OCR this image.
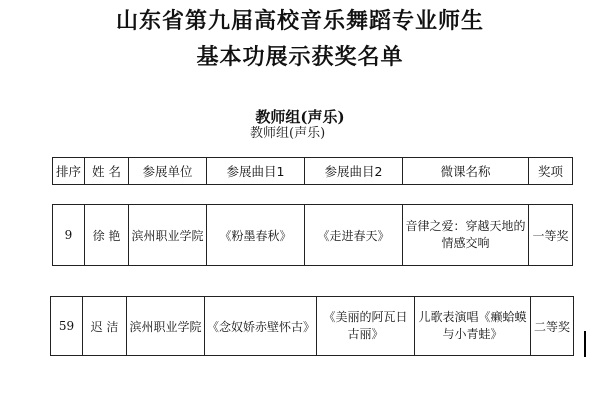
山东省第九届高校音乐舞蹈专业师生
基本功展示获奖名单
教师组(声乐)
教师组(声乐)
排序	姓 名	参展单位	参展曲目1	参展曲目2	微课名称	奖项
9	徐 艳	滨州职业学院	《粉墨春秋》	《走进春天》	音律之爱：穿越天地的情感交响	一等奖
59	迟 洁	滨州职业学院	《念奴娇赤壁怀古》	《美丽的阿瓦日古丽》	儿歌表演唱《癞蛤蟆与小青蛙》	二等奖
